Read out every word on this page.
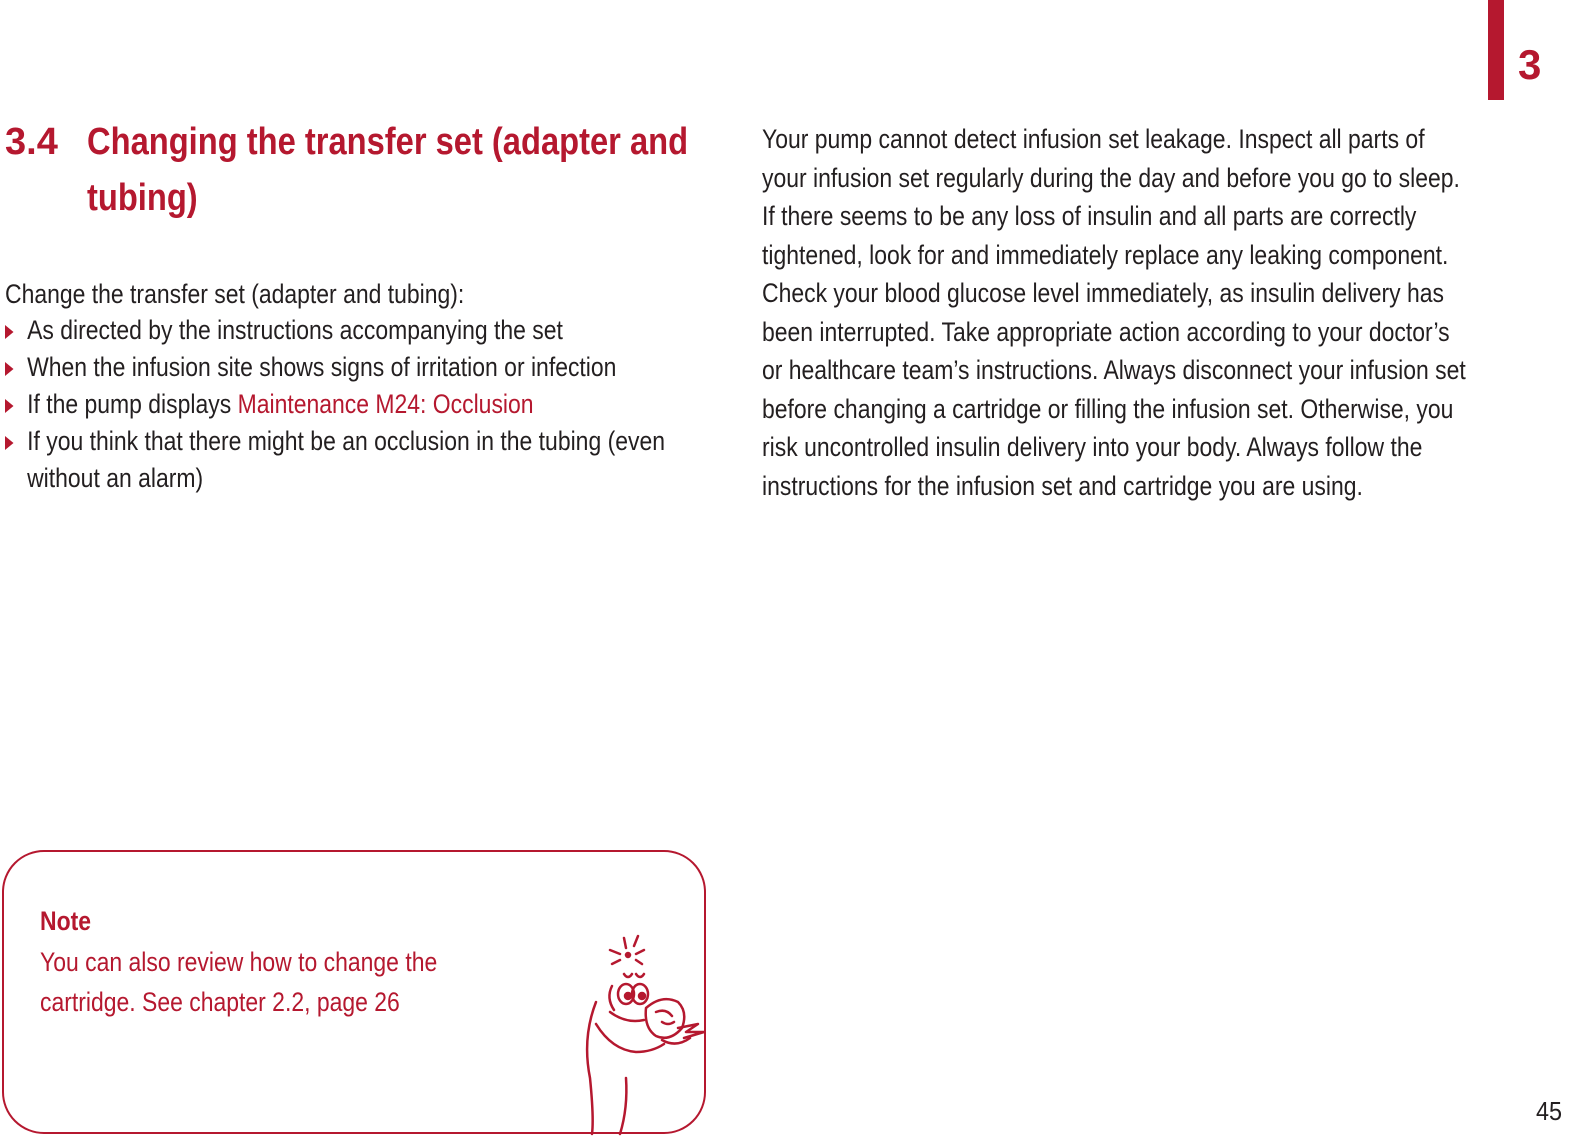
3
3.4 Changing the transfer set (adapter and tubing)
Change the transfer set (adapter and tubing):
As directed by the instructions accompanying the set
When the infusion site shows signs of irritation or infection
If the pump displays Maintenance M24: Occlusion
If you think that there might be an occlusion in the tubing (even without an alarm)
Your pump cannot detect infusion set leakage. Inspect all parts of your infusion set regularly during the day and before you go to sleep. If there seems to be any loss of insulin and all parts are correctly tightened, look for and immediately replace any leaking component. Check your blood glucose level immediately, as insulin delivery has been interrupted. Take appropriate action according to your doctor’s or healthcare team’s instructions. Always disconnect your infusion set before changing a cartridge or filling the infusion set. Otherwise, you risk uncontrolled insulin delivery into your body. Always follow the instructions for the infusion set and cartridge you are using.
Note
You can also review how to change the cartridge. See chapter 2.2, page 26
45
